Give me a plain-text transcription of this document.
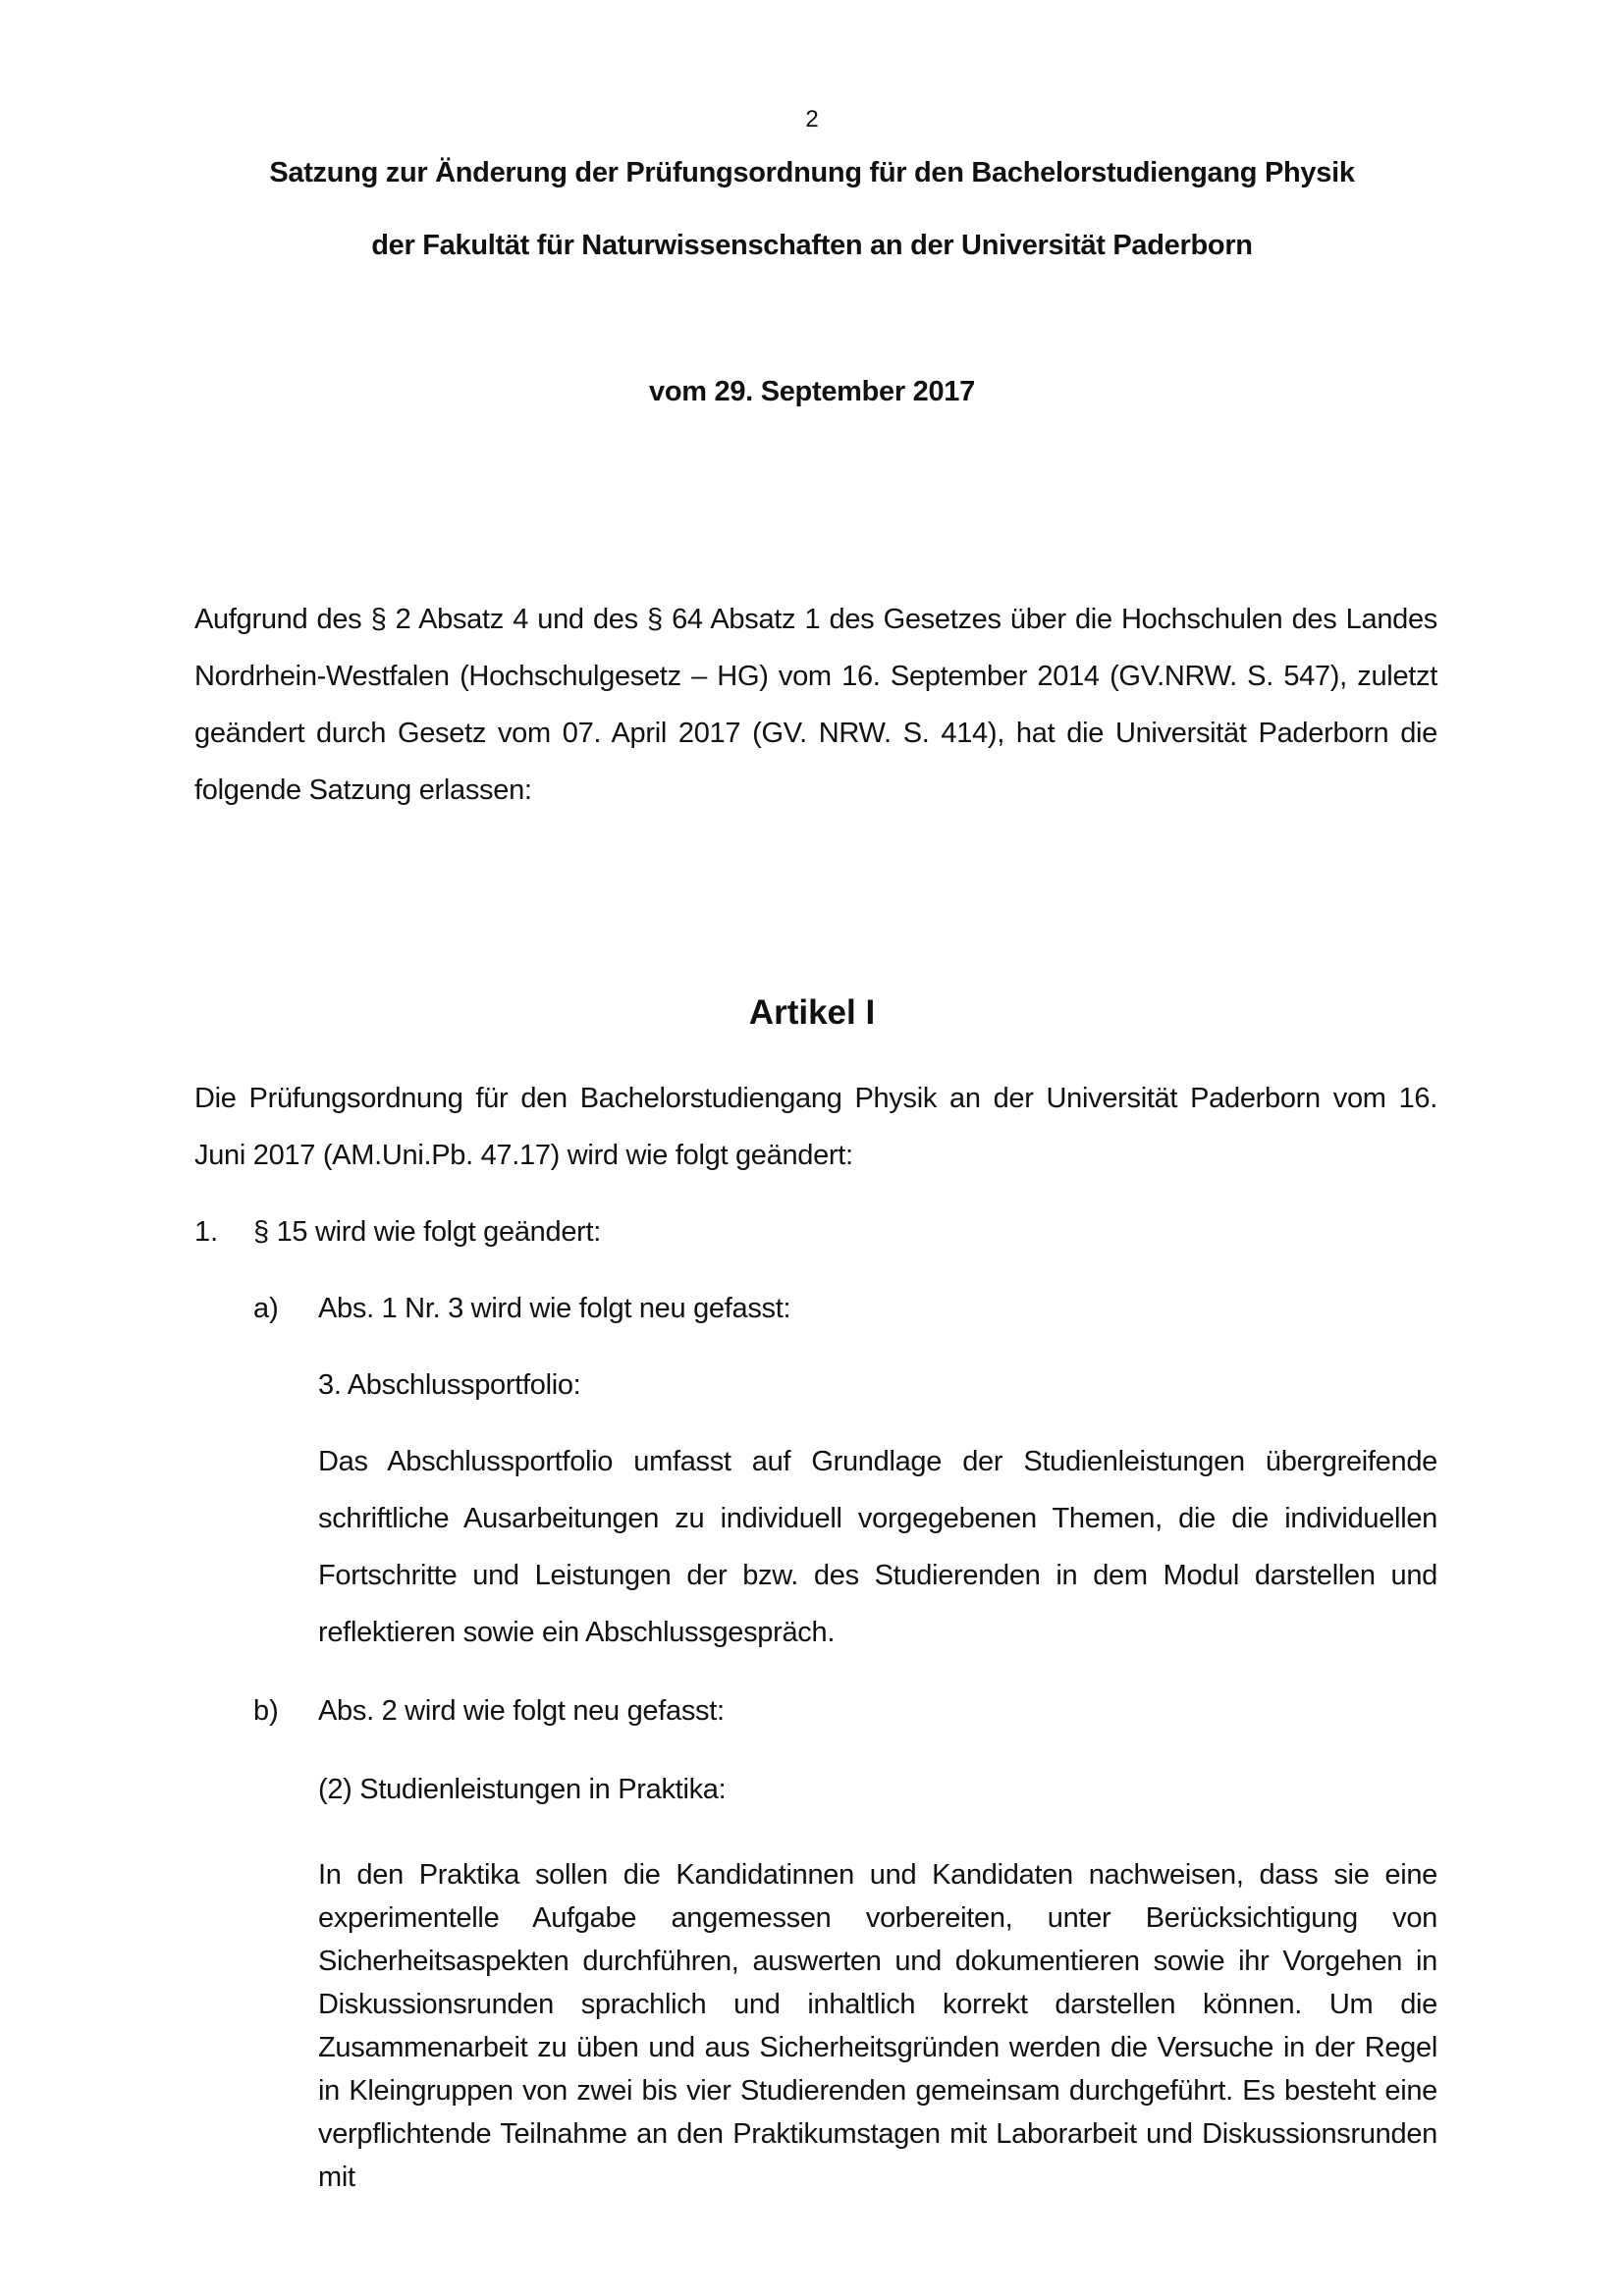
2
Satzung zur Änderung der Prüfungsordnung für den Bachelorstudiengang Physik
der Fakultät für Naturwissenschaften an der Universität Paderborn
vom 29. September 2017
Aufgrund des § 2 Absatz 4 und des § 64 Absatz 1 des Gesetzes über die Hochschulen des Landes Nordrhein-Westfalen (Hochschulgesetz – HG) vom 16. September 2014 (GV.NRW. S. 547), zuletzt geändert durch Gesetz vom 07. April 2017 (GV. NRW. S. 414), hat die Universität Paderborn die folgende Satzung erlassen:
Artikel I
Die Prüfungsordnung für den Bachelorstudiengang Physik an der Universität Paderborn vom 16. Juni 2017 (AM.Uni.Pb. 47.17) wird wie folgt geändert:
1. § 15 wird wie folgt geändert:
a) Abs. 1 Nr. 3 wird wie folgt neu gefasst:
3. Abschlussportfolio:
Das Abschlussportfolio umfasst auf Grundlage der Studienleistungen übergreifende schriftliche Ausarbeitungen zu individuell vorgegebenen Themen, die die individuellen Fortschritte und Leistungen der bzw. des Studierenden in dem Modul darstellen und reflektieren sowie ein Abschlussgespräch.
b) Abs. 2 wird wie folgt neu gefasst:
(2) Studienleistungen in Praktika:
In den Praktika sollen die Kandidatinnen und Kandidaten nachweisen, dass sie eine experimentelle Aufgabe angemessen vorbereiten, unter Berücksichtigung von Sicherheitsaspekten durchführen, auswerten und dokumentieren sowie ihr Vorgehen in Diskussionsrunden sprachlich und inhaltlich korrekt darstellen können. Um die Zusammenarbeit zu üben und aus Sicherheitsgründen werden die Versuche in der Regel in Kleingruppen von zwei bis vier Studierenden gemeinsam durchgeführt. Es besteht eine verpflichtende Teilnahme an den Praktikumstagen mit Laborarbeit und Diskussionsrunden mit
